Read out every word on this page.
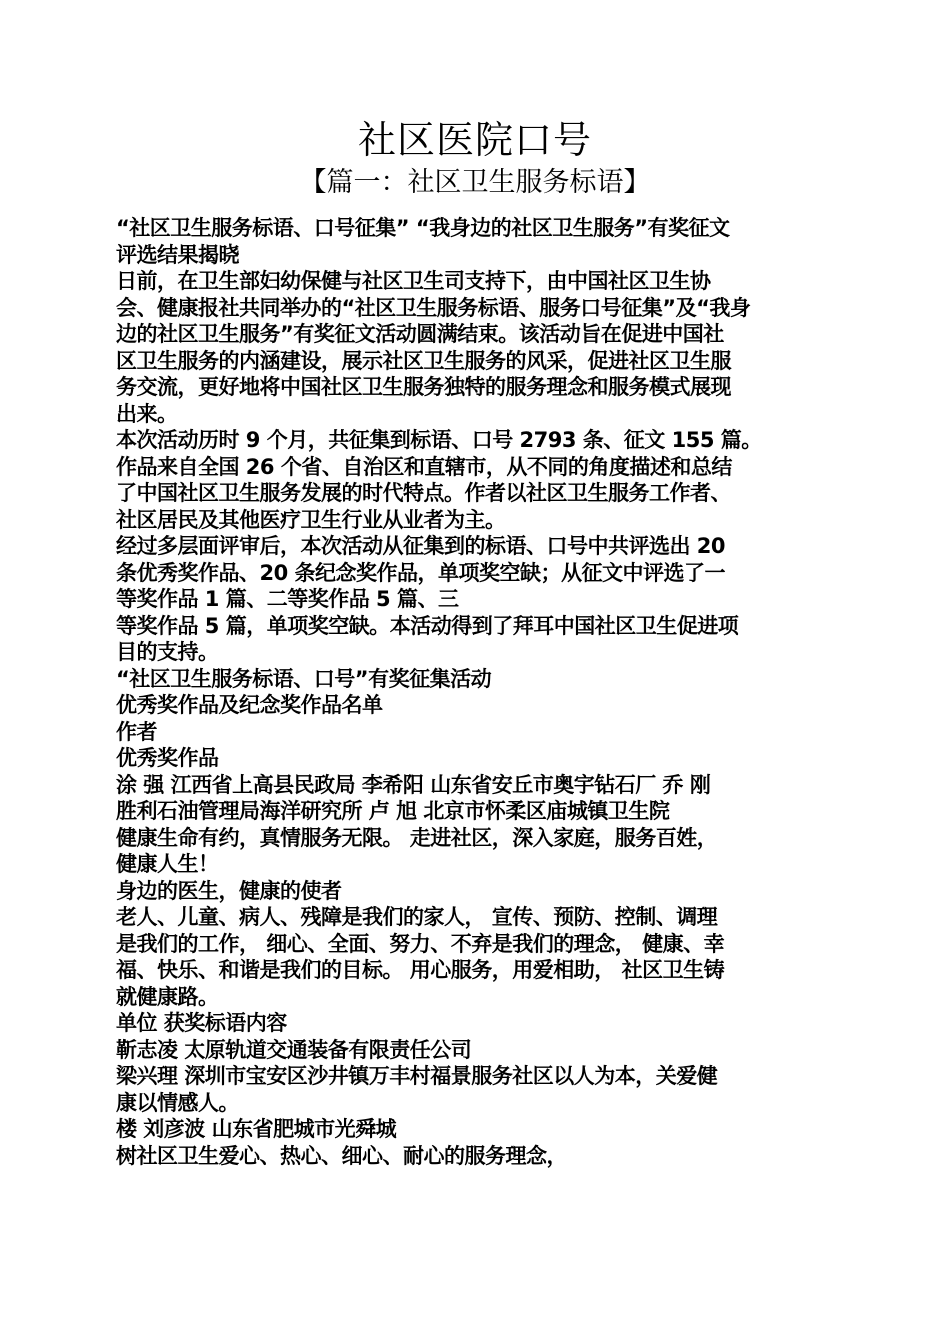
社区医院口号
【篇一：社区卫生服务标语】
“社区卫生服务标语、口号征集” “我身边的社区卫生服务”有奖征文
评选结果揭晓
日前，在卫生部妇幼保健与社区卫生司支持下，由中国社区卫生协
会、健康报社共同举办的“社区卫生服务标语、服务口号征集”及“我身
边的社区卫生服务”有奖征文活动圆满结束。该活动旨在促进中国社
区卫生服务的内涵建设，展示社区卫生服务的风采，促进社区卫生服
务交流，更好地将中国社区卫生服务独特的服务理念和服务模式展现
出来。
本次活动历时 9 个月，共征集到标语、口号 2793 条、征文 155 篇。
作品来自全国 26 个省、自治区和直辖市，从不同的角度描述和总结
了中国社区卫生服务发展的时代特点。作者以社区卫生服务工作者、
社区居民及其他医疗卫生行业从业者为主。
经过多层面评审后，本次活动从征集到的标语、口号中共评选出 20
条优秀奖作品、20 条纪念奖作品，单项奖空缺；从征文中评选了一
等奖作品 1 篇、二等奖作品 5 篇、三
等奖作品 5 篇，单项奖空缺。本活动得到了拜耳中国社区卫生促进项
目的支持。
“社区卫生服务标语、口号”有奖征集活动
优秀奖作品及纪念奖作品名单
作者
优秀奖作品
涂 强 江西省上高县民政局 李希阳 山东省安丘市奥宇钻石厂 乔 刚
胜利石油管理局海洋研究所 卢 旭 北京市怀柔区庙城镇卫生院
健康生命有约，真情服务无限。 走进社区，深入家庭，服务百姓，
健康人生！
身边的医生，健康的使者
老人、儿童、病人、残障是我们的家人， 宣传、预防、控制、调理
是我们的工作， 细心、全面、努力、不弃是我们的理念， 健康、幸
福、快乐、和谐是我们的目标。 用心服务，用爱相助， 社区卫生铸
就健康路。
单位 获奖标语内容
靳志凌 太原轨道交通装备有限责任公司
梁兴理 深圳市宝安区沙井镇万丰村福景服务社区以人为本，关爱健
康以情感人。
楼 刘彦波 山东省肥城市光舜城
树社区卫生爱心、热心、细心、耐心的服务理念，
